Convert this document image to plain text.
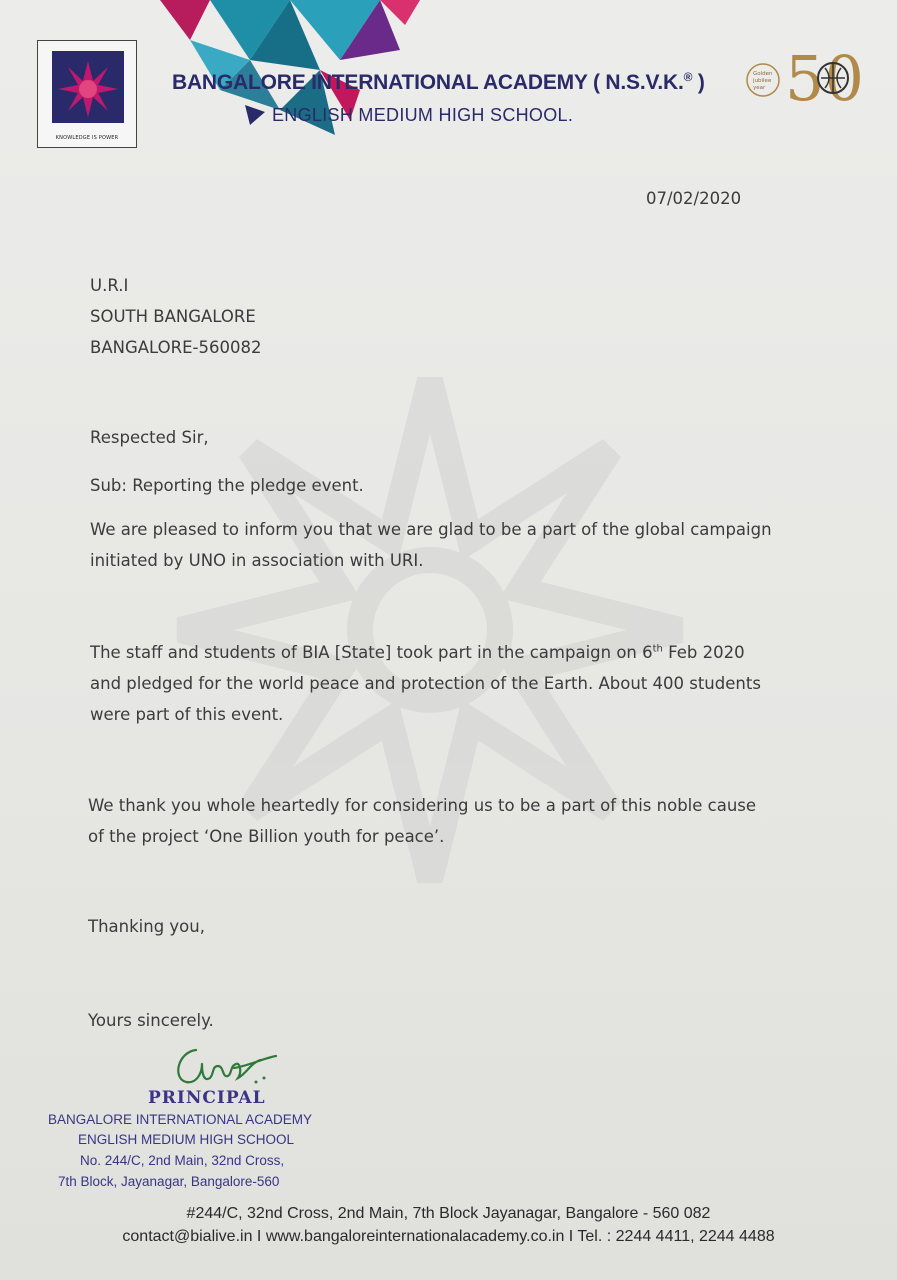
KNOWLEDGE IS POWER
BANGALORE INTERNATIONAL ACADEMY ( N.S.V.K.® )
ENGLISH MEDIUM HIGH SCHOOL.	50
Golden
jubilee
year
07/02/2020
U.R.I
SOUTH BANGALORE
BANGALORE-560082
Respected Sir,
Sub: Reporting the pledge event.
We are pleased to inform you that we are glad to be a part of the global campaign
initiated by UNO in association with URI.
The staff and students of BIA [State] took part in the campaign on 6th Feb 2020
and pledged for the world peace and protection of the Earth. About 400 students
were part of this event.
We thank you whole heartedly for considering us to be a part of this noble cause
of the project ‘One Billion youth for peace’.
Thanking you,
Yours sincerely.
PRINCIPAL
BANGALORE INTERNATIONAL ACADEMY
ENGLISH MEDIUM HIGH SCHOOL
No. 244/C, 2nd Main, 32nd Cross,
7th Block, Jayanagar, Bangalore-560
#244/C, 32nd Cross, 2nd Main, 7th Block Jayanagar, Bangalore - 560 082
contact@bialive.in I www.bangaloreinternationalacademy.co.in I Tel. : 2244 4411, 2244 4488
